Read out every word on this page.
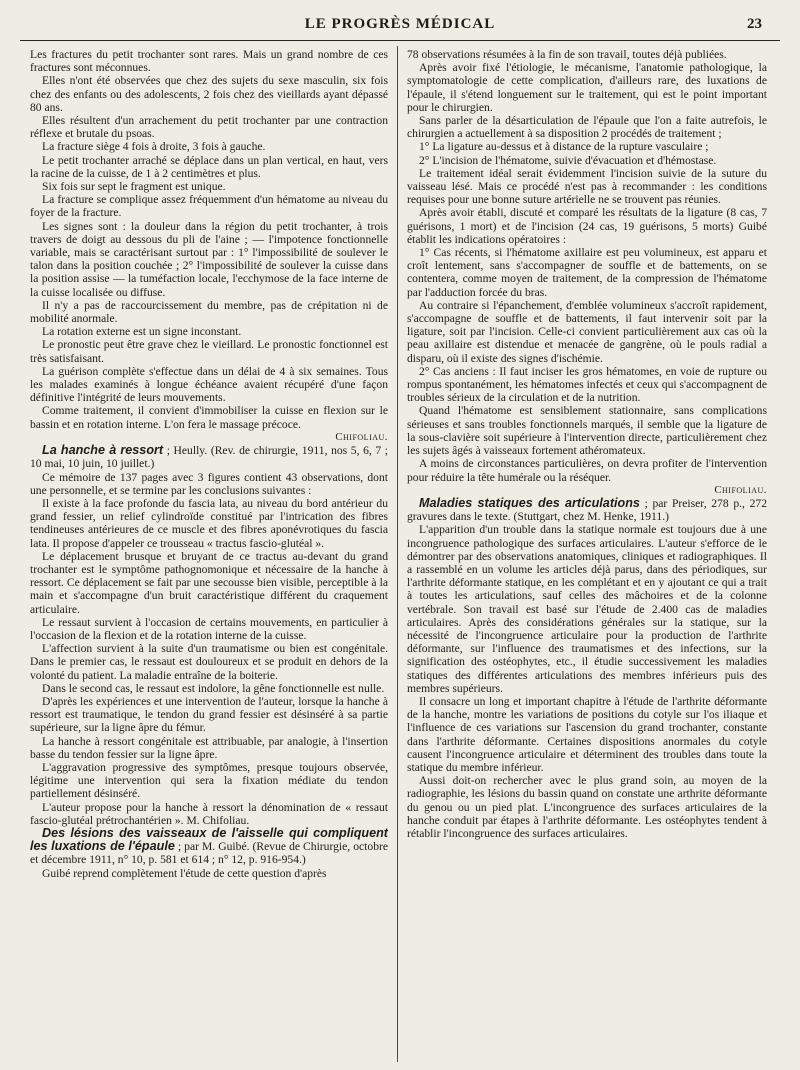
LE PROGRÈS MÉDICAL	23

Les fractures du petit trochanter sont rares. Mais un grand nombre de ces fractures sont méconnues.

Elles n'ont été observées que chez des sujets du sexe masculin, six fois chez des enfants ou des adolescents, 2 fois chez des vieillards ayant dépassé 80 ans.

Elles résultent d'un arrachement du petit trochanter par une contraction réflexe et brutale du psoas.

La fracture siège 4 fois à droite, 3 fois à gauche.

Le petit trochanter arraché se déplace dans un plan vertical, en haut, vers la racine de la cuisse, de 1 à 2 centimètres et plus.

Six fois sur sept le fragment est unique.

La fracture se complique assez fréquemment d'un hématome au niveau du foyer de la fracture.

Les signes sont : la douleur dans la région du petit trochanter, à trois travers de doigt au dessous du pli de l'aine ; — l'impotence fonctionnelle variable, mais se caractérisant surtout par : 1° l'impossibilité de soulever le talon dans la position couchée ; 2° l'impossibilité de soulever la cuisse dans la position assise — la tuméfaction locale, l'ecchymose de la face interne de la cuisse localisée ou diffuse.

Il n'y a pas de raccourcissement du membre, pas de crépitation ni de mobilité anormale.

La rotation externe est un signe inconstant.

Le pronostic peut être grave chez le vieillard. Le pronostic fonctionnel est très satisfaisant.

La guérison complète s'effectue dans un délai de 4 à six semaines. Tous les malades examinés à longue échéance avaient récupéré d'une façon définitive l'intégrité de leurs mouvements.

Comme traitement, il convient d'immobiliser la cuisse en flexion sur le bassin et en rotation interne. L'on fera le massage précoce.

Chifoliau.

La hanche à ressort ; Heully. (Rev. de chirurgie, 1911, nos 5, 6, 7 ; 10 mai, 10 juin, 10 juillet.)

Ce mémoire de 137 pages avec 3 figures contient 43 observations, dont une personnelle, et se termine par les conclusions suivantes :

Il existe à la face profonde du fascia lata, au niveau du bord antérieur du grand fessier, un relief cylindroïde constitué par l'intrication des fibres tendineuses antérieures de ce muscle et des fibres aponévrotiques du fascia lata. Il propose d'appeler ce trousseau « tractus fascio-glutéal ».

Le déplacement brusque et bruyant de ce tractus au-devant du grand trochanter est le symptôme pathognomonique et nécessaire de la hanche à ressort. Ce déplacement se fait par une secousse bien visible, perceptible à la main et s'accompagne d'un bruit caractéristique différent du craquement articulaire.

Le ressaut survient à l'occasion de certains mouvements, en particulier à l'occasion de la flexion et de la rotation interne de la cuisse.

L'affection survient à la suite d'un traumatisme ou bien est congénitale. Dans le premier cas, le ressaut est douloureux et se produit en dehors de la volonté du patient. La maladie entraîne de la boiterie.

Dans le second cas, le ressaut est indolore, la gêne fonctionnelle est nulle.

D'après les expériences et une intervention de l'auteur, lorsque la hanche à ressort est traumatique, le tendon du grand fessier est désinséré à sa partie supérieure, sur la ligne âpre du fémur.

La hanche à ressort congénitale est attribuable, par analogie, à l'insertion basse du tendon fessier sur la ligne âpre.

L'aggravation progressive des symptômes, presque toujours observée, légitime une intervention qui sera la fixation médiate du tendon partiellement désinséré.

L'auteur propose pour la hanche à ressort la dénomination de « ressaut fascio-glutéal prétrochantérien ». M. Chifoliau.

Des lésions des vaisseaux de l'aisselle qui compliquent les luxations de l'épaule ; par M. Guibé. (Revue de Chirurgie, octobre et décembre 1911, n° 10, p. 581 et 614 ; n° 12, p. 916-954.)

Guibé reprend complètement l'étude de cette question d'après

78 observations résumées à la fin de son travail, toutes déjà publiées.

Après avoir fixé l'étiologie, le mécanisme, l'anatomie pathologique, la symptomatologie de cette complication, d'ailleurs rare, des luxations de l'épaule, il s'étend longuement sur le traitement, qui est le point important pour le chirurgien.

Sans parler de la désarticulation de l'épaule que l'on a faite autrefois, le chirurgien a actuellement à sa disposition 2 procédés de traitement ;

1° La ligature au-dessus et à distance de la rupture vasculaire ;

2° L'incision de l'hématome, suivie d'évacuation et d'hémostase.

Le traitement idéal serait évidemment l'incision suivie de la suture du vaisseau lésé. Mais ce procédé n'est pas à recommander : les conditions requises pour une bonne suture artérielle ne se trouvent pas réunies.

Après avoir établi, discuté et comparé les résultats de la ligature (8 cas, 7 guérisons, 1 mort) et de l'incision (24 cas, 19 guérisons, 5 morts) Guibé établit les indications opératoires :

1° Cas récents, si l'hématome axillaire est peu volumineux, est apparu et croît lentement, sans s'accompagner de souffle et de battements, on se contentera, comme moyen de traitement, de la compression de l'hématome par l'adduction forcée du bras.

Au contraire si l'épanchement, d'emblée volumineux s'accroît rapidement, s'accompagne de souffle et de battements, il faut intervenir soit par la ligature, soit par l'incision. Celle-ci convient particulièrement aux cas où la peau axillaire est distendue et menacée de gangrène, où le pouls radial a disparu, où il existe des signes d'ischémie.

2° Cas anciens : Il faut inciser les gros hématomes, en voie de rupture ou rompus spontanément, les hématomes infectés et ceux qui s'accompagnent de troubles sérieux de la circulation et de la nutrition.

Quand l'hématome est sensiblement stationnaire, sans complications sérieuses et sans troubles fonctionnels marqués, il semble que la ligature de la sous-clavière soit supérieure à l'intervention directe, particulièrement chez les sujets âgés à vaisseaux fortement athéromateux.

A moins de circonstances particulières, on devra profiter de l'intervention pour réduire la tête humérale ou la réséquer.

Chifoliau.

Maladies statiques des articulations ; par Preiser, 278 p., 272 gravures dans le texte. (Stuttgart, chez M. Henke, 1911.)

L'apparition d'un trouble dans la statique normale est toujours due à une incongruence pathologique des surfaces articulaires. L'auteur s'efforce de le démontrer par des observations anatomiques, cliniques et radiographiques. Il a rassemblé en un volume les articles déjà parus, dans des périodiques, sur l'arthrite déformante statique, en les complétant et en y ajoutant ce qui a trait à toutes les articulations, sauf celles des mâchoires et de la colonne vertébrale. Son travail est basé sur l'étude de 2.400 cas de maladies articulaires. Après des considérations générales sur la statique, sur la nécessité de l'incongruence articulaire pour la production de l'arthrite déformante, sur l'influence des traumatismes et des infections, sur la signification des ostéophytes, etc., il étudie successivement les maladies statiques des différentes articulations des membres inférieurs puis des membres supérieurs.

Il consacre un long et important chapitre à l'étude de l'arthrite déformante de la hanche, montre les variations de positions du cotyle sur l'os iliaque et l'influence de ces variations sur l'ascension du grand trochanter, constante dans l'arthrite déformante. Certaines dispositions anormales du cotyle causent l'incongruence articulaire et déterminent des troubles dans toute la statique du membre inférieur.

Aussi doit-on rechercher avec le plus grand soin, au moyen de la radiographie, les lésions du bassin quand on constate une arthrite déformante du genou ou un pied plat. L'incongruence des surfaces articulaires de la hanche conduit par étapes à l'arthrite déformante. Les ostéophytes tendent à rétablir l'incongruence des surfaces articulaires.
